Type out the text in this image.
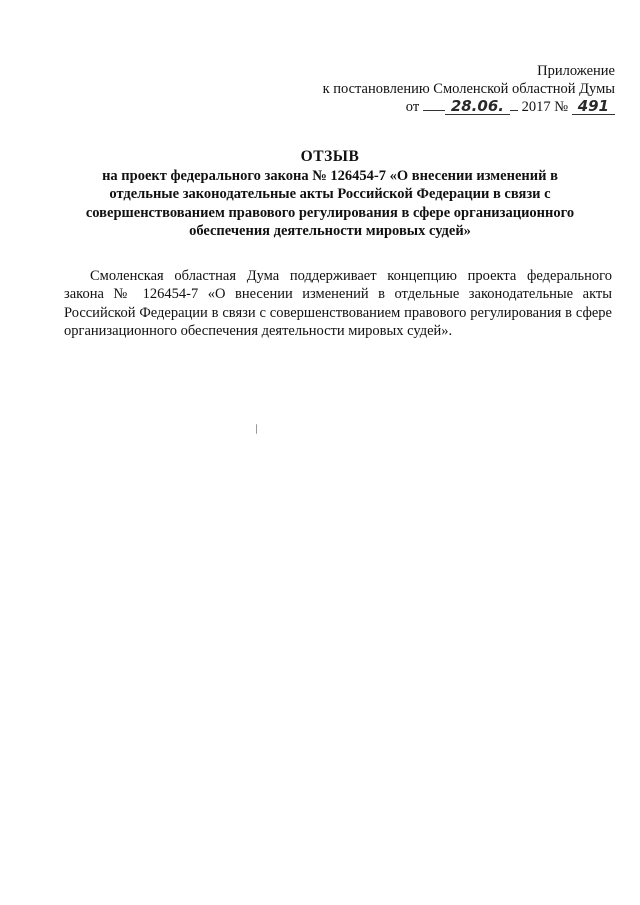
Приложение
к постановлению Смоленской областной Думы
от 28.06. 2017 № 491
ОТЗЫВ
на проект федерального закона № 126454-7 «О внесении изменений в
отдельные законодательные акты Российской Федерации в связи с
совершенствованием правового регулирования в сфере организационного
обеспечения деятельности мировых судей»

Смоленская областная Дума поддерживает концепцию проекта федерального закона № 126454-7 «О внесении изменений в отдельные законодательные акты Российской Федерации в связи с совершенствованием правового регулирования в сфере организационного обеспечения деятельности мировых судей».
